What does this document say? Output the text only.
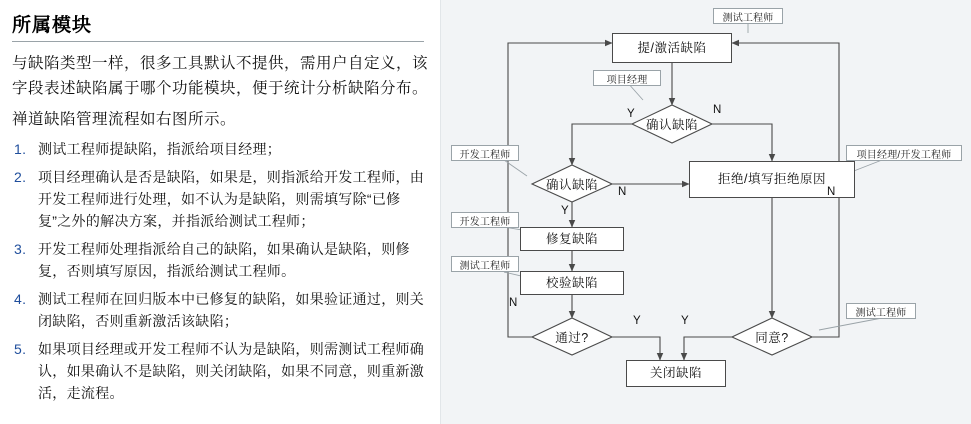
所属模块

与缺陷类型一样，很多工具默认不提供，需用户自定义，该字段表述缺陷属于哪个功能模块，便于统计分析缺陷分布。

禅道缺陷管理流程如右图所示。

1. 测试工程师提缺陷，指派给项目经理；
2. 项目经理确认是否是缺陷，如果是，则指派给开发工程师，由开发工程师进行处理，如不认为是缺陷，则需填写除“已修复”之外的解决方案，并指派给测试工程师；
3. 开发工程师处理指派给自己的缺陷，如果确认是缺陷，则修复，否则填写原因，指派给测试工程师。
4. 测试工程师在回归版本中已修复的缺陷，如果验证通过，则关闭缺陷，否则重新激活该缺陷；
5. 如果项目经理或开发工程师不认为是缺陷，则需测试工程师确认，如果确认不是缺陷，则关闭缺陷，如果不同意，则重新激活，走流程。
提/激活缺陷
拒绝/填写拒绝原因
修复缺陷
校验缺陷
关闭缺陷
确认缺陷
确认缺陷
通过?	同意?
测试工程师
项目经理
开发工程师	项目经理/开发工程师
开发工程师
测试工程师
测试工程师
Y	N
Y
N	N
Y
N
Y
